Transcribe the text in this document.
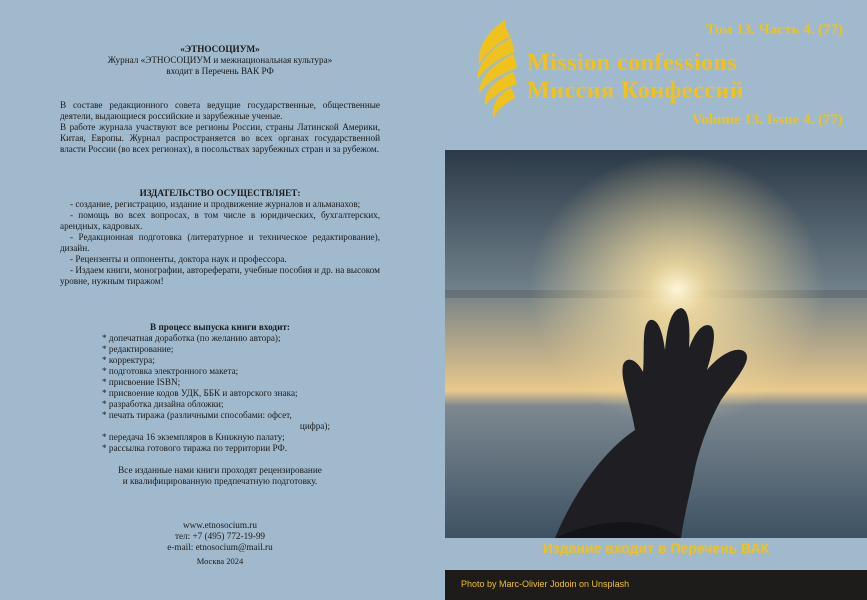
«ЭТНОСОЦИУМ»
Журнал «ЭТНОСОЦИУМ и межнациональная культура»
входит в Перечень ВАК РФ
В составе редакционного совета ведущие государственные, общественные деятели, выдающиеся российские и зарубежные ученые.
В работе журнала участвуют все регионы России, страны Латинской Америки, Китая, Европы. Журнал распространяется во всех органах государственной власти России (во всех регионах), в посольствах зарубежных стран и за рубежом.
ИЗДАТЕЛЬСТВО ОСУЩЕСТВЛЯЕТ:
- создание, регистрацию, издание и продвижение журналов и альманахов;
- помощь во всех вопросах, в том числе в юридических, бухгалтерских, арендных, кадровых.
- Редакционная подготовка (литературное и техническое редактирование), дизайн.
- Рецензенты и оппоненты, доктора наук и профессора.
- Издаем книги, монографии, автореферати, учебные пособия и др. на высоком уровне, нужным тиражом!
В процесс выпуска книги входит:
* допечатная доработка (по желанию автора);
* редактирование;
* корректура;
* подготовка электронного макета;
* присвоение ISBN;
* присвоение кодов УДК, ББК и авторского знака;
* разработка дизайна обложки;
* печать тиража (различными способами: офсет,
цифра);
* передача 16 экземпляров в Книжную палату;
* рассылка готового тиража по территории РФ.
Все изданные нами книги проходят рецензирование
и квалифицированную предпечатную подготовку.
www.etnosocium.ru
тел: +7 (495) 772-19-99
e-mail: etnosocium@mail.ru
Москва 2024
Том 13. Часть 4. (77)
Mission confessions
Миссия Конфессий
Volume 13. Issue 4. (77)
Издание входит в Перечень ВАК
Photo by Marc-Olivier Jodoin on Unsplash
